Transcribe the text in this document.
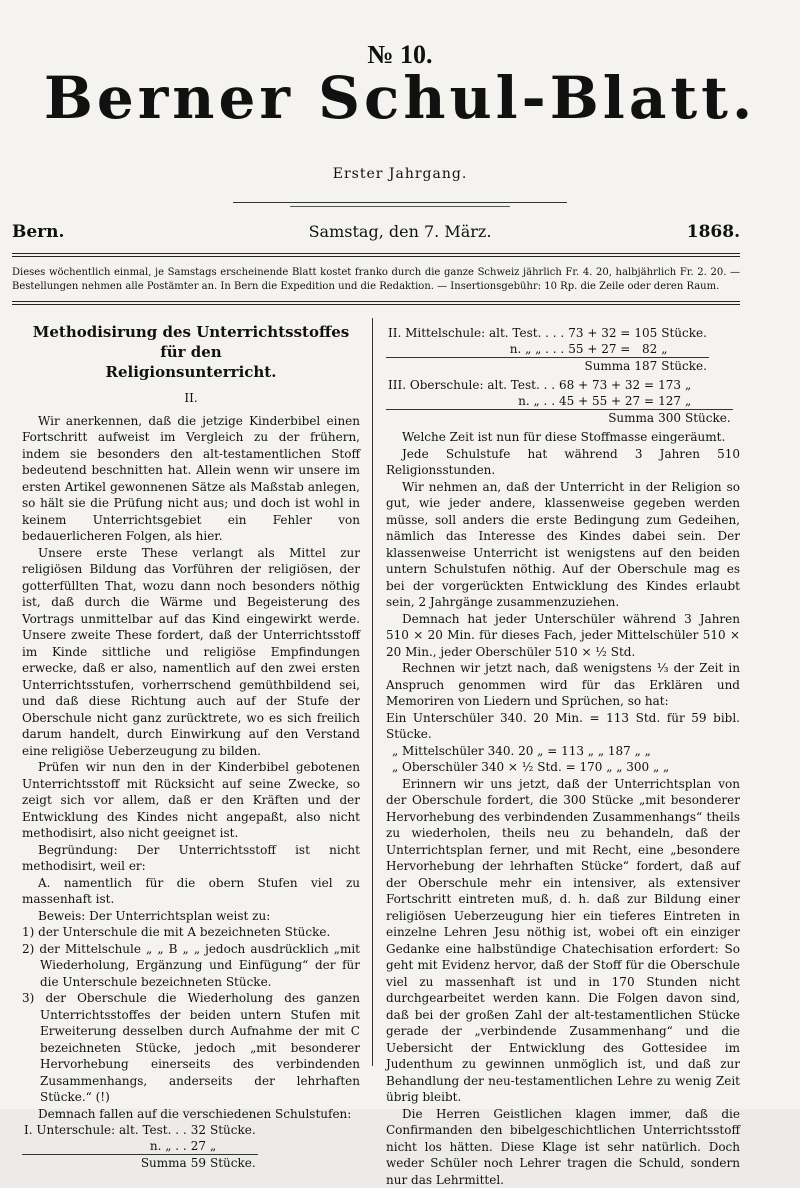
№ 10.
Berner Schul-Blatt.
Erster Jahrgang.
Bern.	Samstag, den 7. März.	1868.
Dieses wöchentlich einmal, je Samstags erscheinende Blatt kostet franko durch die ganze Schweiz jährlich Fr. 4. 20, halbjährlich Fr. 2. 20. — Bestellungen nehmen alle Postämter an. In Bern die Expedition und die Redaktion. — Insertionsgebühr: 10 Rp. die Zeile oder deren Raum.
Methodisirung des Unterrichtsstoffes für den
Religionsunterricht.
II.

Wir anerkennen, daß die jetzige Kinderbibel einen Fortschritt aufweist im Vergleich zu der frühern, indem sie besonders den alt-testamentlichen Stoff bedeutend beschnitten hat. Allein wenn wir unsere im ersten Artikel gewonnenen Sätze als Maßstab anlegen, so hält sie die Prüfung nicht aus; und doch ist wohl in keinem Unterrichtsgebiet ein Fehler von bedauerlicheren Folgen, als hier.

Unsere erste These verlangt als Mittel zur religiösen Bildung das Vorführen der religiösen, der gotterfüllten That, wozu dann noch besonders nöthig ist, daß durch die Wärme und Begeisterung des Vortrags unmittelbar auf das Kind eingewirkt werde. Unsere zweite These fordert, daß der Unterrichtsstoff im Kinde sittliche und religiöse Empfindungen erwecke, daß er also, namentlich auf den zwei ersten Unterrichtsstufen, vorherrschend gemüthbildend sei, und daß diese Richtung auch auf der Stufe der Oberschule nicht ganz zurücktrete, wo es sich freilich darum handelt, durch Einwirkung auf den Verstand eine religiöse Ueberzeugung zu bilden.

Prüfen wir nun den in der Kinderbibel gebotenen Unterrichtsstoff mit Rücksicht auf seine Zwecke, so zeigt sich vor allem, daß er den Kräften und der Entwicklung des Kindes nicht angepaßt, also nicht methodisirt, also nicht geeignet ist.

Begründung: Der Unterrichtsstoff ist nicht methodisirt, weil er:

A. namentlich für die obern Stufen viel zu massenhaft ist.

Beweis: Der Unterrichtsplan weist zu:

1) der Unterschule die mit A bezeichneten Stücke.

2) der Mittelschule „ „ B „ „ jedoch ausdrücklich „mit Wiederholung, Ergänzung und Einfügung“ der für die Unterschule bezeichneten Stücke.

3) der Oberschule die Wiederholung des ganzen Unterrichtsstoffes der beiden untern Stufen mit Erweiterung desselben durch Aufnahme der mit C bezeichneten Stücke, jedoch „mit besonderer Hervorhebung einerseits des verbindenden Zusammenhangs, anderseits der lehrhaften Stücke.“ (!)

Demnach fallen auf die verschiedenen Schulstufen:

I. Unterschule: alt. Test. . .	32	Stücke.
n. „ . .	27	„
Summa	59	Stücke.
II. Mittelschule: alt. Test. . . .	73 + 32 =	105	Stücke.
n. „ „ . . .	55 + 27 =	82	„
	Summa	187	Stücke.
III. Oberschule: alt. Test. . .	68 + 73 + 32 =	173	„
n. „ . .	45 + 55 + 27 =	127	„
	Summa	300	Stücke.

Welche Zeit ist nun für diese Stoffmasse eingeräumt.

Jede Schulstufe hat während 3 Jahren 510 Religionsstunden.

Wir nehmen an, daß der Unterricht in der Religion so gut, wie jeder andere, klassenweise gegeben werden müsse, soll anders die erste Bedingung zum Gedeihen, nämlich das Interesse des Kindes dabei sein. Der klassenweise Unterricht ist wenigstens auf den beiden untern Schulstufen nöthig. Auf der Oberschule mag es bei der vorgerückten Entwicklung des Kindes erlaubt sein, 2 Jahrgänge zusammenzuziehen.

Demnach hat jeder Unterschüler während 3 Jahren 510 × 20 Min. für dieses Fach, jeder Mittelschüler 510 × 20 Min., jeder Oberschüler 510 × ½ Std.

Rechnen wir jetzt nach, daß wenigstens ⅓ der Zeit in Anspruch genommen wird für das Erklären und Memoriren von Liedern und Sprüchen, so hat:

Ein Unterschüler 340. 20 Min. = 113 Std. für 59 bibl. Stücke.

„ Mittelschüler 340. 20 „ = 113 „ „ 187 „ „

„ Oberschüler 340 × ½ Std. = 170 „ „ 300 „ „

Erinnern wir uns jetzt, daß der Unterrichtsplan von der Oberschule fordert, die 300 Stücke „mit besonderer Hervorhebung des verbindenden Zusammenhangs“ theils zu wiederholen, theils neu zu behandeln, daß der Unterrichtsplan ferner, und mit Recht, eine „besondere Hervorhebung der lehrhaften Stücke“ fordert, daß auf der Oberschule mehr ein intensiver, als extensiver Fortschritt eintreten muß, d. h. daß zur Bildung einer religiösen Ueberzeugung hier ein tieferes Eintreten in einzelne Lehren Jesu nöthig ist, wobei oft ein einziger Gedanke eine halbstündige Chatechisation erfordert: So geht mit Evidenz hervor, daß der Stoff für die Oberschule viel zu massenhaft ist und in 170 Stunden nicht durchgearbeitet werden kann. Die Folgen davon sind, daß bei der großen Zahl der alt-testamentlichen Stücke gerade der „verbindende Zusammenhang“ und die Uebersicht der Entwicklung des Gottesidee im Judenthum zu gewinnen unmöglich ist, und daß zur Behandlung der neu-testamentlichen Lehre zu wenig Zeit übrig bleibt.

Die Herren Geistlichen klagen immer, daß die Confirmanden den bibelgeschichtlichen Unterrichtsstoff nicht los hätten. Diese Klage ist sehr natürlich. Doch weder Schüler noch Lehrer tragen die Schuld, sondern nur das Lehrmittel.
